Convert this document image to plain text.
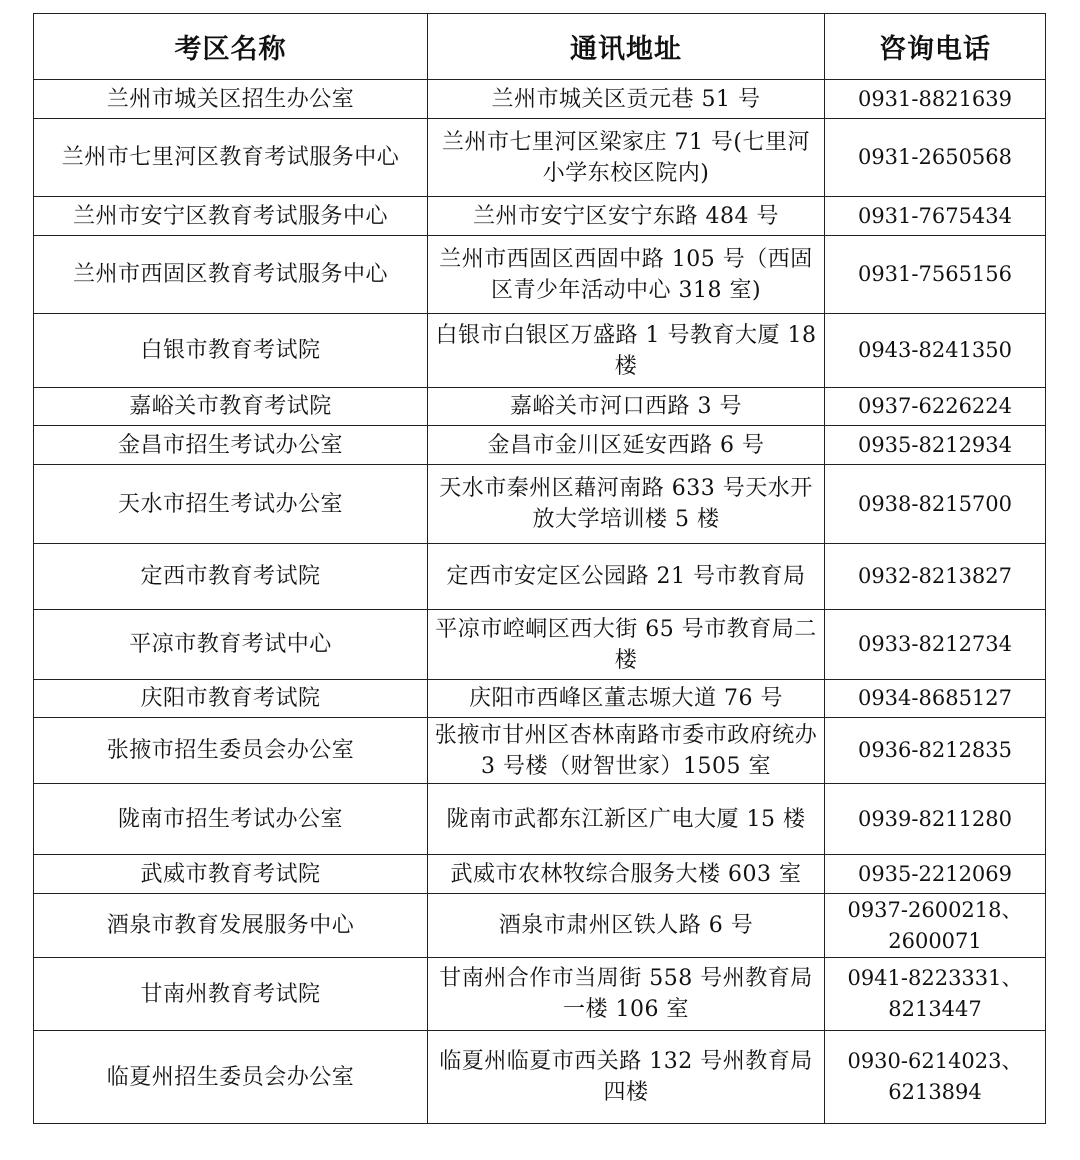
考区名称	通讯地址	咨询电话
兰州市城关区招生办公室	兰州市城关区贡元巷 51 号	0931-8821639
兰州市七里河区教育考试服务中心	兰州市七里河区梁家庄 71 号(七里河小学东校区院内)	0931-2650568
兰州市安宁区教育考试服务中心	兰州市安宁区安宁东路 484 号	0931-7675434
兰州市西固区教育考试服务中心	兰州市西固区西固中路 105 号（西固区青少年活动中心 318 室)	0931-7565156
白银市教育考试院	白银市白银区万盛路 1 号教育大厦 18 楼	0943-8241350
嘉峪关市教育考试院	嘉峪关市河口西路 3 号	0937-6226224
金昌市招生考试办公室	金昌市金川区延安西路 6 号	0935-8212934
天水市招生考试办公室	天水市秦州区藉河南路 633 号天水开放大学培训楼 5 楼	0938-8215700
定西市教育考试院	定西市安定区公园路 21 号市教育局	0932-8213827
平凉市教育考试中心	平凉市崆峒区西大街 65 号市教育局二楼	0933-8212734
庆阳市教育考试院	庆阳市西峰区董志塬大道 76 号	0934-8685127
张掖市招生委员会办公室	张掖市甘州区杏林南路市委市政府统办 3 号楼（财智世家）1505 室	0936-8212835
陇南市招生考试办公室	陇南市武都东江新区广电大厦 15 楼	0939-8211280
武威市教育考试院	武威市农林牧综合服务大楼 603 室	0935-2212069
酒泉市教育发展服务中心	酒泉市肃州区铁人路 6 号	0937-2600218、2600071
甘南州教育考试院	甘南州合作市当周街 558 号州教育局一楼 106 室	0941-8223331、8213447
临夏州招生委员会办公室	临夏州临夏市西关路 132 号州教育局四楼	0930-6214023、6213894
